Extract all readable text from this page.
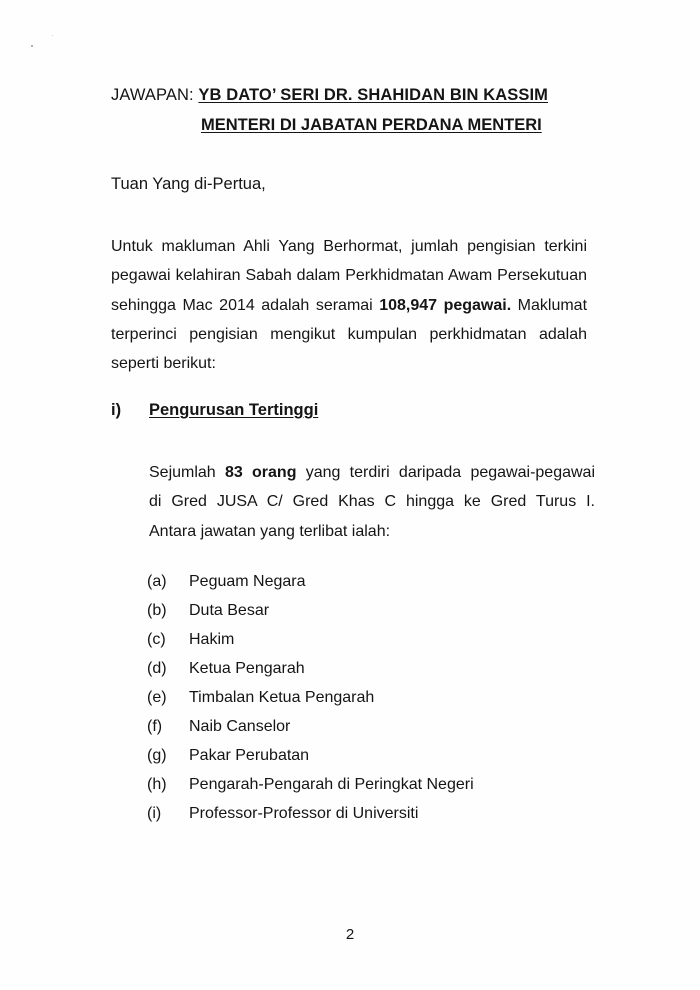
JAWAPAN: YB DATO’ SERI DR. SHAHIDAN BIN KASSIM
MENTERI DI JABATAN PERDANA MENTERI
Tuan Yang di-Pertua,
Untuk makluman Ahli Yang Berhormat, jumlah pengisian terkini
pegawai kelahiran Sabah dalam Perkhidmatan Awam Persekutuan
sehingga Mac 2014 adalah seramai 108,947 pegawai. Maklumat
terperinci pengisian mengikut kumpulan perkhidmatan adalah
seperti berikut:
i) Pengurusan Tertinggi
Sejumlah 83 orang yang terdiri daripada pegawai-pegawai
di Gred JUSA C/ Gred Khas C hingga ke Gred Turus I.
Antara jawatan yang terlibat ialah:
(a)	Peguam Negara
(b)	Duta Besar
(c)	Hakim
(d)	Ketua Pengarah
(e)	Timbalan Ketua Pengarah
(f)	Naib Canselor
(g)	Pakar Perubatan
(h)	Pengarah-Pengarah di Peringkat Negeri
(i)	Professor-Professor di Universiti
2
